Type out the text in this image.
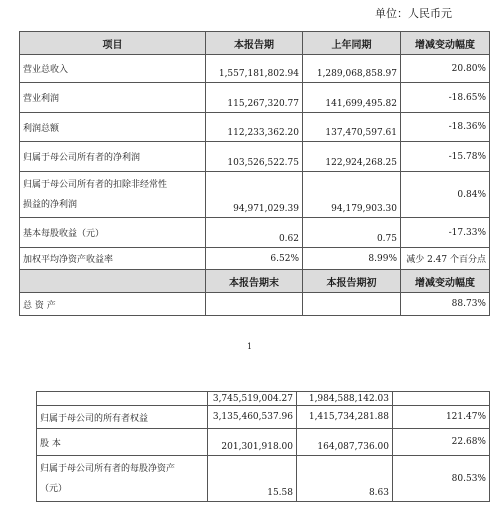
单位：人民币元
项目	本报告期	上年同期	增减变动幅度
营业总收入	1,557,181,802.94	1,289,068,858.97	20.80%
营业利润	115,267,320.77	141,699,495.82	-18.65%
利润总额	112,233,362.20	137,470,597.61	-18.36%
归属于母公司所有者的净利润	103,526,522.75	122,924,268.25	-15.78%
归属于母公司所有者的扣除非经常性
损益的净利润	94,971,029.39	94,179,903.30	0.84%
基本每股收益（元）	0.62	0.75	-17.33%
加权平均净资产收益率	6.52%	8.99%	减少 2.47 个百分点
	本报告期末	本报告期初	增减变动幅度
总 资 产			88.73%
1
	3,745,519,004.27	1,984,588,142.03	
归属于母公司的所有者权益	3,135,460,537.96	1,415,734,281.88	121.47%
股 本	201,301,918.00	164,087,736.00	22.68%
归属于母公司所有者的每股净资产
（元）	15.58	8.63	80.53%
